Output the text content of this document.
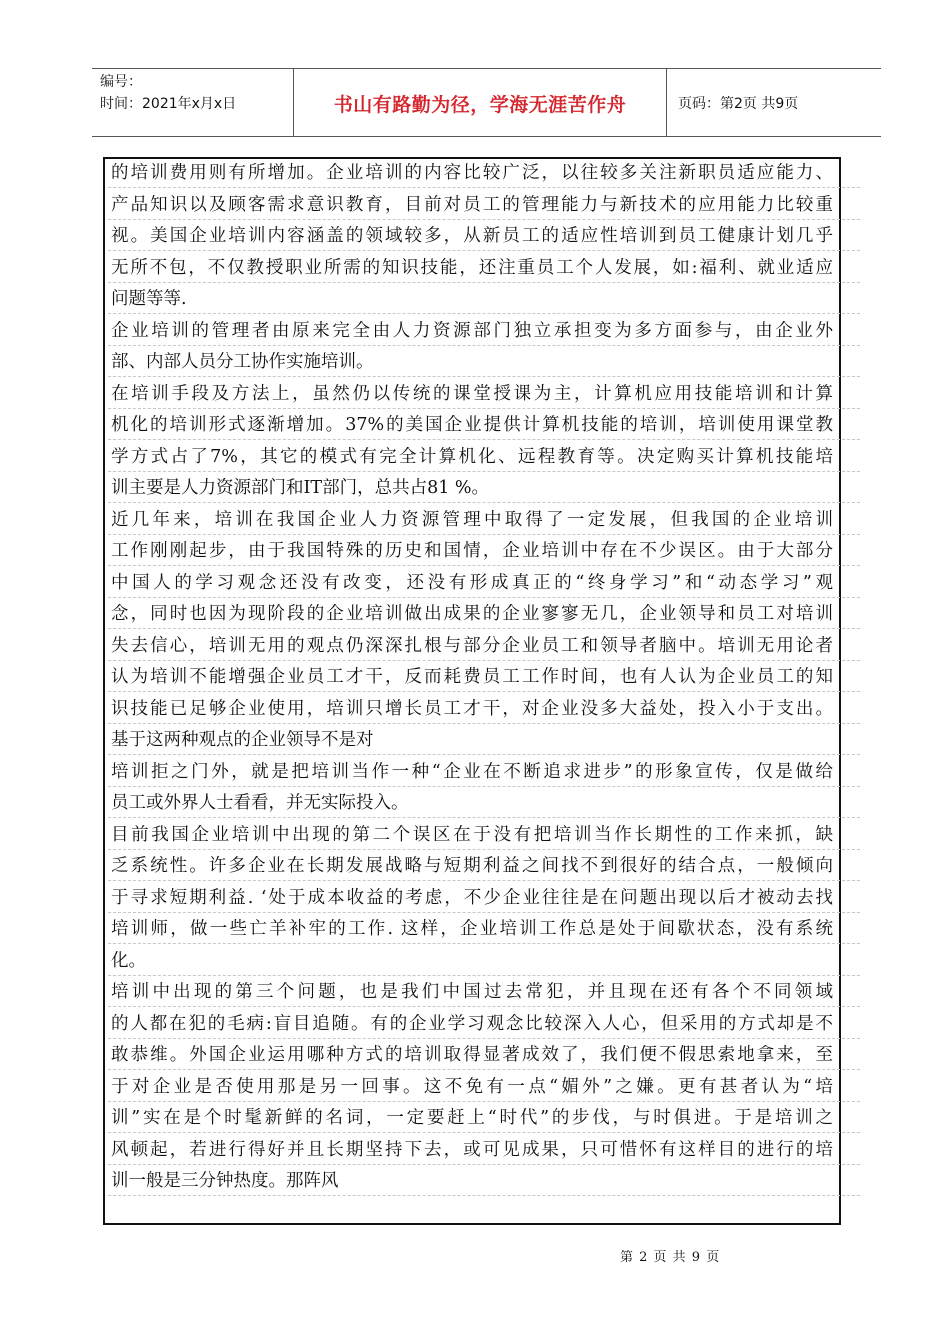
编号：
时间：2021年x月x日	书山有路勤为径，学海无涯苦作舟	页码：第2页 共9页
的培训费用则有所增加。企业培训的内容比较广泛，以往较多关注新职员适应能力、
产品知识以及顾客需求意识教育，目前对员工的管理能力与新技术的应用能力比较重
视。美国企业培训内容涵盖的领域较多，从新员工的适应性培训到员工健康计划几乎
无所不包，不仅教授职业所需的知识技能，还注重员工个人发展，如:福利、就业适应
问题等等.
企业培训的管理者由原来完全由人力资源部门独立承担变为多方面参与，由企业外
部、内部人员分工协作实施培训。
在培训手段及方法上，虽然仍以传统的课堂授课为主，计算机应用技能培训和计算
机化的培训形式逐渐增加。37%的美国企业提供计算机技能的培训，培训使用课堂教
学方式占了7%，其它的模式有完全计算机化、远程教育等。决定购买计算机技能培
训主要是人力资源部门和IT部门，总共占81 %。
近几年来，培训在我国企业人力资源管理中取得了一定发展，但我国的企业培训
工作刚刚起步，由于我国特殊的历史和国情，企业培训中存在不少误区。由于大部分
中国人的学习观念还没有改变，还没有形成真正的“终身学习”和“动态学习”观
念，同时也因为现阶段的企业培训做出成果的企业寥寥无几，企业领导和员工对培训
失去信心，培训无用的观点仍深深扎根与部分企业员工和领导者脑中。培训无用论者
认为培训不能增强企业员工才干，反而耗费员工工作时间，也有人认为企业员工的知
识技能已足够企业使用，培训只增长员工才干，对企业没多大益处，投入小于支出。
基于这两种观点的企业领导不是对
培训拒之门外，就是把培训当作一种“企业在不断追求进步”的形象宣传，仅是做给
员工或外界人士看看，并无实际投入。
目前我国企业培训中出现的第二个误区在于没有把培训当作长期性的工作来抓，缺
乏系统性。许多企业在长期发展战略与短期利益之间找不到很好的结合点，一般倾向
于寻求短期利益. ‘处于成本收益的考虑，不少企业往往是在问题出现以后才被动去找
培训师，做一些亡羊补牢的工作. 这样，企业培训工作总是处于间歇状态，没有系统
化。
培训中出现的第三个问题，也是我们中国过去常犯，并且现在还有各个不同领域
的人都在犯的毛病:盲目追随。有的企业学习观念比较深入人心，但采用的方式却是不
敢恭维。外国企业运用哪种方式的培训取得显著成效了，我们便不假思索地拿来，至
于对企业是否使用那是另一回事。这不免有一点“媚外”之嫌。更有甚者认为“培
训”实在是个时髦新鲜的名词，一定要赶上“时代”的步伐，与时俱进。于是培训之
风顿起，若进行得好并且长期坚持下去，或可见成果，只可惜怀有这样目的进行的培
训一般是三分钟热度。那阵风
第 2 页 共 9 页
